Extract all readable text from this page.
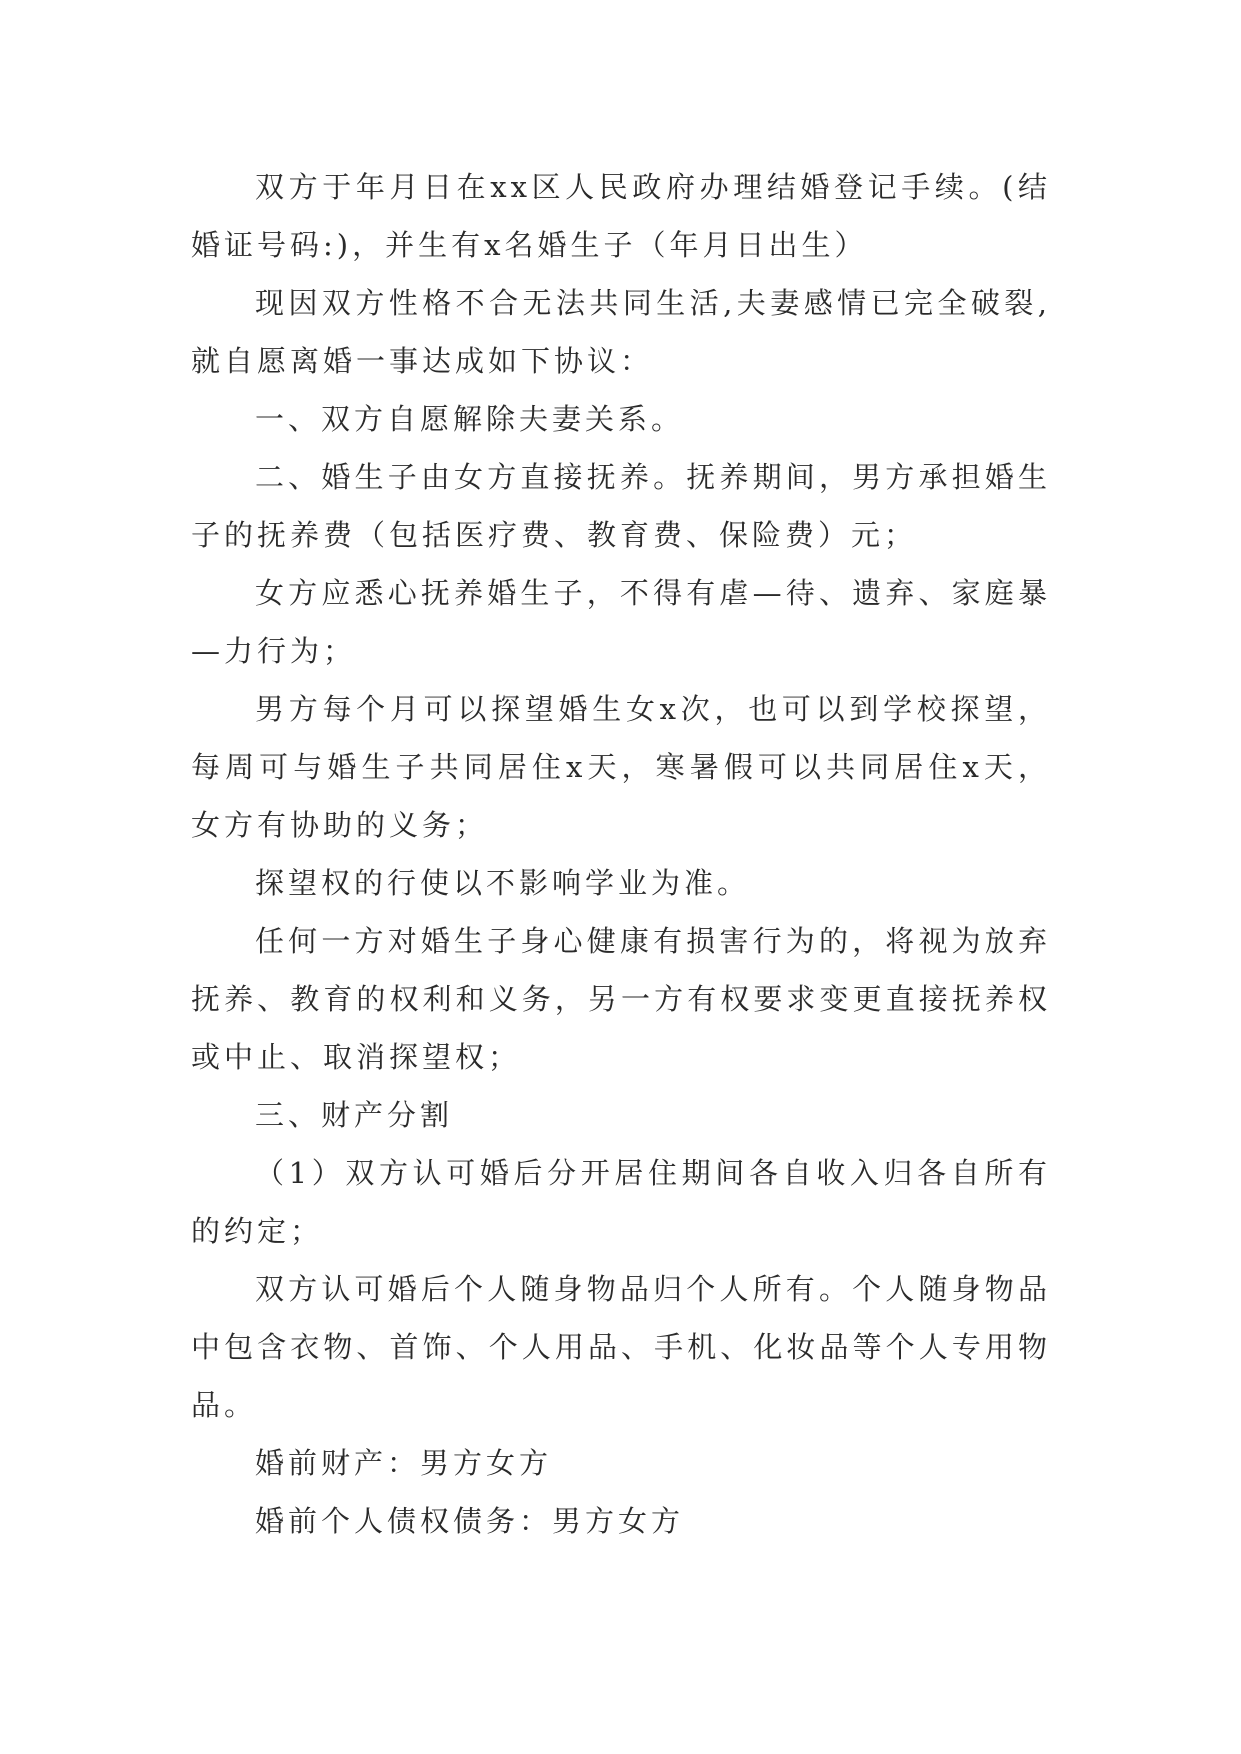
双方于年月日在xx区人民政府办理结婚登记手续。(结婚证号码:)，并生有x名婚生子（年月日出生）

现因双方性格不合无法共同生活,夫妻感情已完全破裂,就自愿离婚一事达成如下协议：

一、双方自愿解除夫妻关系。

二、婚生子由女方直接抚养。抚养期间，男方承担婚生子的抚养费（包括医疗费、教育费、保险费）元；

女方应悉心抚养婚生子，不得有虐—待、遗弃、家庭暴—力行为；

男方每个月可以探望婚生女x次，也可以到学校探望，每周可与婚生子共同居住x天，寒暑假可以共同居住x天，女方有协助的义务；

探望权的行使以不影响学业为准。

任何一方对婚生子身心健康有损害行为的，将视为放弃抚养、教育的权利和义务，另一方有权要求变更直接抚养权或中止、取消探望权；

三、财产分割

（1）双方认可婚后分开居住期间各自收入归各自所有的约定；

双方认可婚后个人随身物品归个人所有。个人随身物品中包含衣物、首饰、个人用品、手机、化妆品等个人专用物品。

婚前财产：男方女方

婚前个人债权债务：男方女方
